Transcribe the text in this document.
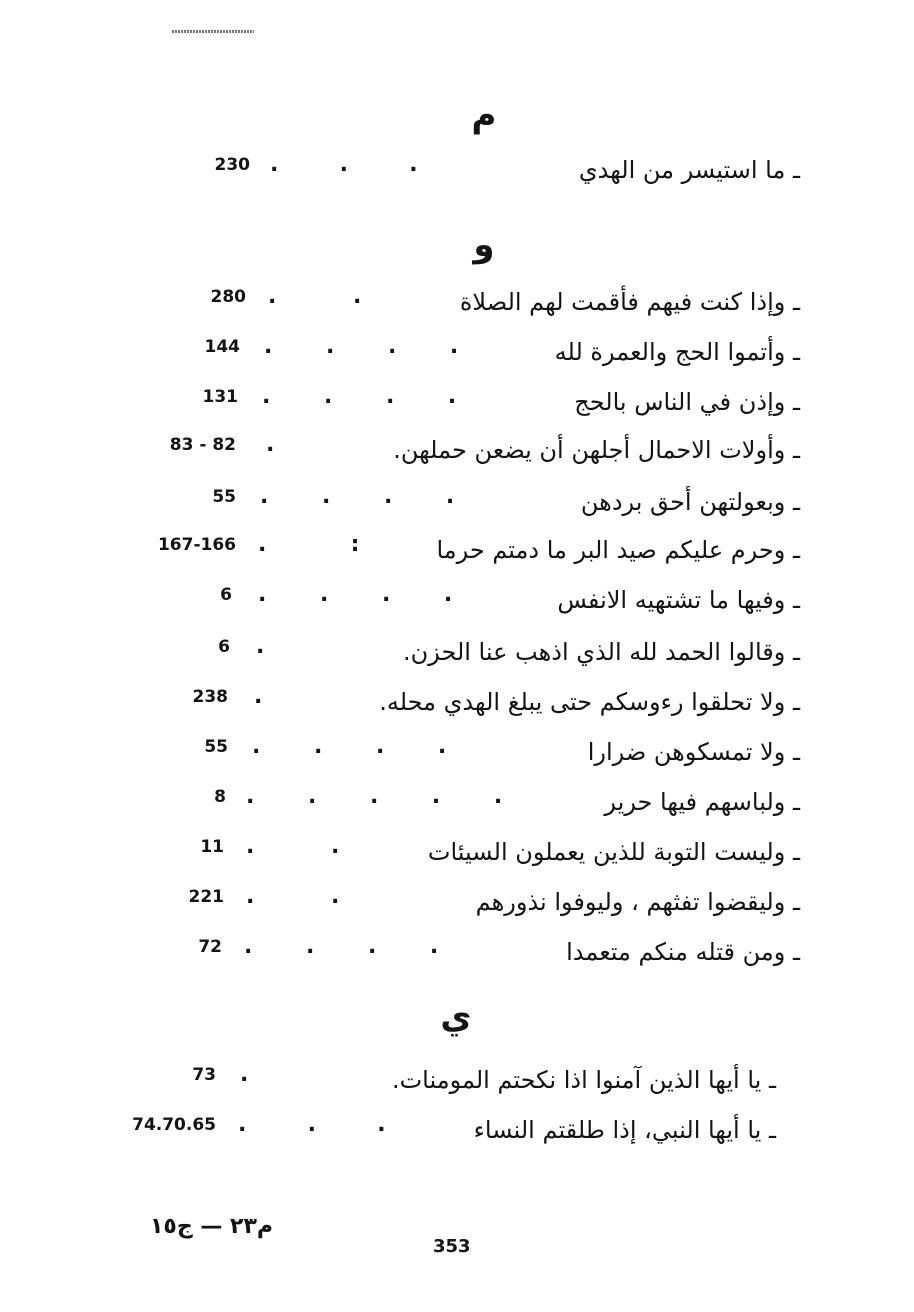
م
ـ ما استيسر من الهدي
.        .        .
230
و
ـ وإذا كنت فيهم فأقمت لهم الصلاة
.          .
280
ـ وأتموا الحج والعمرة لله
.       .       .       .
144
ـ وإذن في الناس بالحج
.       .       .       .
131
ـ وأولات الاحمال أجلهن أن يضعن حملهن.
.
83 - 82
ـ وبعولتهن أحق بردهن
.       .       .       .
55
ـ وحرم عليكم صيد البر ما دمتم حرما
.           :
167-166
ـ وفيها ما تشتهيه الانفس
.       .       .       .
6
ـ وقالوا الحمد لله الذي اذهب عنا الحزن.
.
6
ـ ولا تحلقوا رءوسكم حتى يبلغ الهدي محله.
.
238
ـ ولا تمسكوهن ضرارا
.       .       .       .
55
ـ ولباسهم فيها حرير
.       .       .       .       .
8
ـ وليست التوبة للذين يعملون السيئات
.          .
11
ـ وليقضوا تفثهم ، وليوفوا نذورهم
.          .
221
ـ ومن قتله منكم متعمدا
.       .       .       .
72
ي
ـ يا أيها الذين آمنوا اذا نكحتم المومنات.
.
73
ـ يا أيها النبي، إذا طلقتم النساء
.        .        .
74.70.65
م٢٣ — ج١٥
353
